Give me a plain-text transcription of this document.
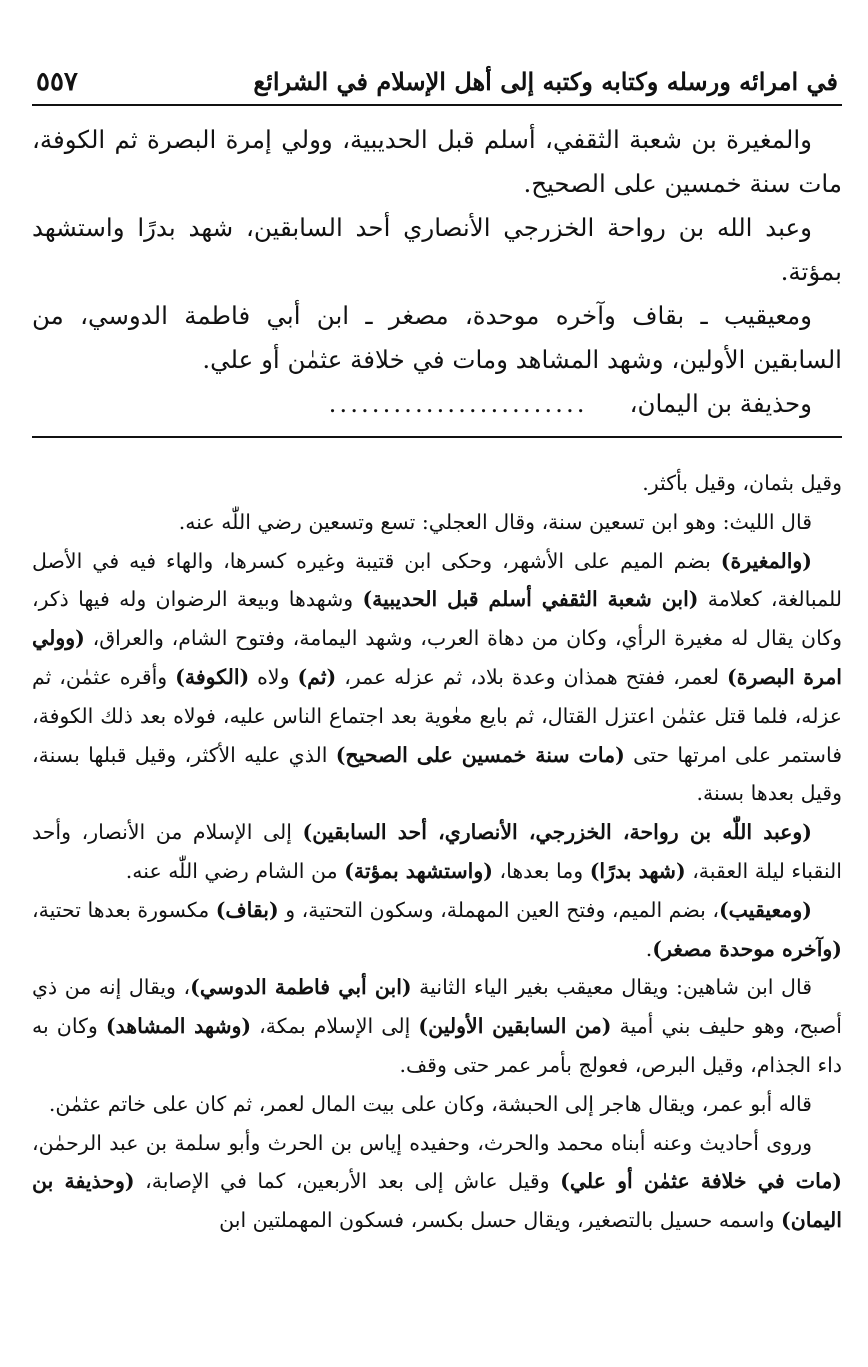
في امرائه ورسله وكتابه وكتبه إلى أهل الإسلام في الشرائع
٥٥٧

والمغيرة بن شعبة الثقفي، أسلم قبل الحديبية، وولي إمرة البصرة ثم الكوفة، مات سنة خمسين على الصحيح.

وعبد الله بن رواحة الخزرجي الأنصاري أحد السابقين، شهد بدرًا واستشهد بمؤتة.

ومعيقيب ـ بقاف وآخره موحدة، مصغر ـ ابن أبي فاطمة الدوسي، من السابقين الأولين، وشهد المشاهد ومات في خلافة عثمٰن أو علي.

وحذيفة بن اليمان،
........................

وقيل بثمان، وقيل بأكثر.

قال الليث: وهو ابن تسعين سنة، وقال العجلي: تسع وتسعين رضي اللّٰه عنه.

(والمغيرة) بضم الميم على الأشهر، وحكى ابن قتيبة وغيره كسرها، والهاء فيه في الأصل للمبالغة، كعلامة (ابن شعبة الثقفي أسلم قبل الحديبية) وشهدها وبيعة الرضوان وله فيها ذكر، وكان يقال له مغيرة الرأي، وكان من دهاة العرب، وشهد اليمامة، وفتوح الشام، والعراق، (وولي امرة البصرة) لعمر، ففتح همذان وعدة بلاد، ثم عزله عمر، (ثم) ولاه (الكوفة) وأقره عثمٰن، ثم عزله، فلما قتل عثمٰن اعتزل القتال، ثم بايع معٰوية بعد اجتماع الناس عليه، فولاه بعد ذلك الكوفة، فاستمر على امرتها حتى (مات سنة خمسين على الصحيح) الذي عليه الأكثر، وقيل قبلها بسنة، وقيل بعدها بسنة.

(وعبد اللّٰه بن رواحة، الخزرجي، الأنصاري، أحد السابقين) إلى الإسلام من الأنصار، وأحد النقباء ليلة العقبة، (شهد بدرًا) وما بعدها، (واستشهد بمؤتة) من الشام رضي اللّٰه عنه.

(ومعيقيب)، بضم الميم، وفتح العين المهملة، وسكون التحتية، و (بقاف) مكسورة بعدها تحتية، (وآخره موحدة مصغر).

قال ابن شاهين: ويقال معيقب بغير الياء الثانية (ابن أبي فاطمة الدوسي)، ويقال إنه من ذي أصبح، وهو حليف بني أمية (من السابقين الأولين) إلى الإسلام بمكة، (وشهد المشاهد) وكان به داء الجذام، وقيل البرص، فعولج بأمر عمر حتى وقف.

قاله أبو عمر، ويقال هاجر إلى الحبشة، وكان على بيت المال لعمر، ثم كان على خاتم عثمٰن.

وروى أحاديث وعنه أبناه محمد والحرث، وحفيده إياس بن الحرث وأبو سلمة بن عبد الرحمٰن، (مات في خلافة عثمٰن أو علي) وقيل عاش إلى بعد الأربعين، كما في الإصابة، (وحذيفة بن اليمان) واسمه حسيل بالتصغير، ويقال حسل بكسر، فسكون المهملتين ابن
